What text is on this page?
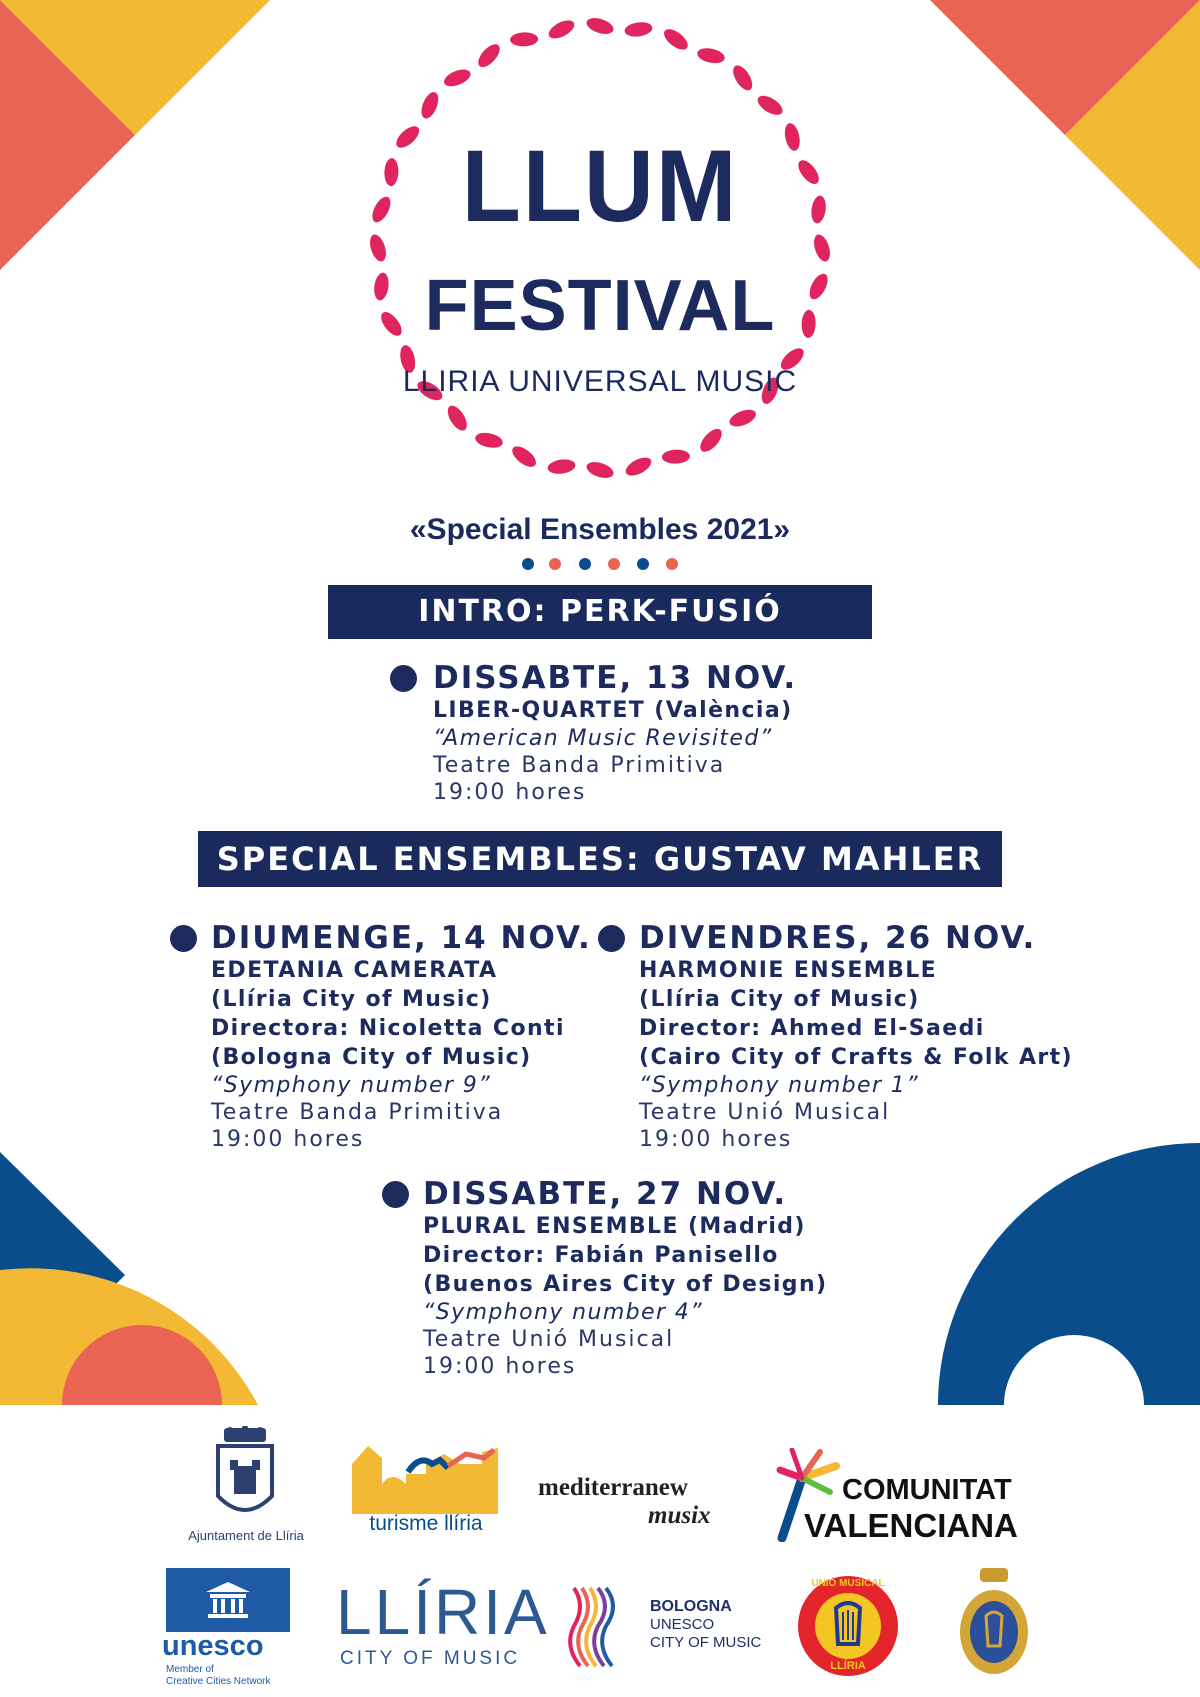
LLUM
FESTIVAL
LLIRIA UNIVERSAL MUSIC
«Special Ensembles 2021»
INTRO: PERK-FUSIÓ
DISSABTE, 13 NOV.
LIBER-QUARTET (València)
“American Music Revisited”
Teatre Banda Primitiva
19:00 hores
SPECIAL ENSEMBLES: GUSTAV MAHLER
DIUMENGE, 14 NOV.
EDETANIA CAMERATA
(Llíria City of Music)
Directora: Nicoletta Conti
(Bologna City of Music)
“Symphony number 9”
Teatre Banda Primitiva
19:00 hores
DIVENDRES, 26 NOV.
HARMONIE ENSEMBLE
(Llíria City of Music)
Director: Ahmed El-Saedi
(Cairo City of Crafts & Folk Art)
“Symphony number 1”
Teatre Unió Musical
19:00 hores
DISSABTE, 27 NOV.
PLURAL ENSEMBLE (Madrid)
Director: Fabián Panisello
(Buenos Aires City of Design)
“Symphony number 4”
Teatre Unió Musical
19:00 hores
Ajuntament de Llíria
turisme llíria
mediterranew
musix
COMUNITAT
VALENCIANA
unesco
Member of
Creative Cities Network
LLÍRIA
CITY OF MUSIC
BOLOGNA
UNESCO
CITY OF MUSIC
UNIÓ MUSICAL
LLÍRIA
